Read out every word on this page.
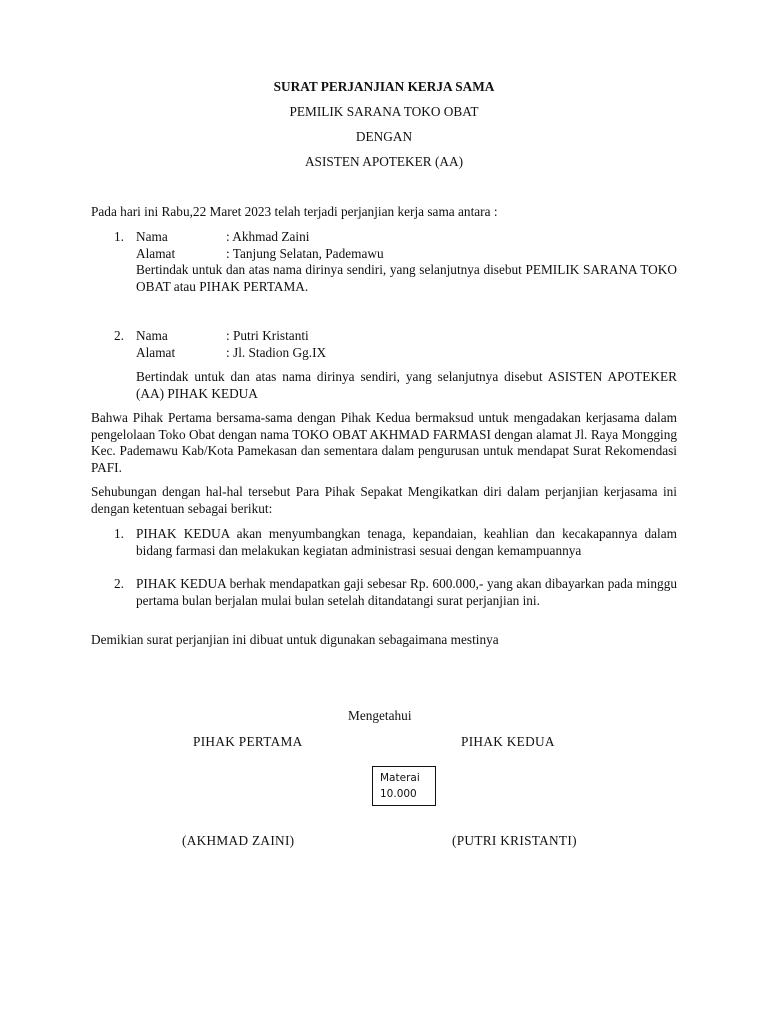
SURAT PERJANJIAN KERJA SAMA
PEMILIK SARANA TOKO OBAT
DENGAN
ASISTEN APOTEKER (AA)
Pada hari ini Rabu,22 Maret 2023 telah terjadi perjanjian kerja sama antara :
1. Nama	: Akhmad Zaini
Alamat	: Tanjung Selatan, Pademawu
Bertindak untuk dan atas nama dirinya sendiri, yang selanjutnya disebut PEMILIK SARANA TOKO OBAT atau PIHAK PERTAMA.
2. Nama	: Putri Kristanti
Alamat	: Jl. Stadion Gg.IX
Bertindak untuk dan atas nama dirinya sendiri, yang selanjutnya disebut ASISTEN APOTEKER (AA) PIHAK KEDUA
Bahwa Pihak Pertama bersama-sama dengan Pihak Kedua bermaksud untuk mengadakan kerjasama dalam pengelolaan Toko Obat dengan nama TOKO OBAT AKHMAD FARMASI dengan alamat Jl. Raya Mongging Kec. Pademawu Kab/Kota Pamekasan dan sementara dalam pengurusan untuk mendapat Surat Rekomendasi PAFI.
Sehubungan dengan hal-hal tersebut Para Pihak Sepakat Mengikatkan diri dalam perjanjian kerjasama ini dengan ketentuan sebagai berikut:
1. PIHAK KEDUA akan menyumbangkan tenaga, kepandaian, keahlian dan kecakapannya dalam bidang farmasi dan melakukan kegiatan administrasi sesuai dengan kemampuannya
2. PIHAK KEDUA berhak mendapatkan gaji sebesar Rp. 600.000,- yang akan dibayarkan pada minggu pertama bulan berjalan mulai bulan setelah ditandatangi surat perjanjian ini.
Demikian surat perjanjian ini dibuat untuk digunakan sebagaimana mestinya
Mengetahui
PIHAK PERTAMA	PIHAK KEDUA
Materai
10.000
(AKHMAD ZAINI)	(PUTRI KRISTANTI)
